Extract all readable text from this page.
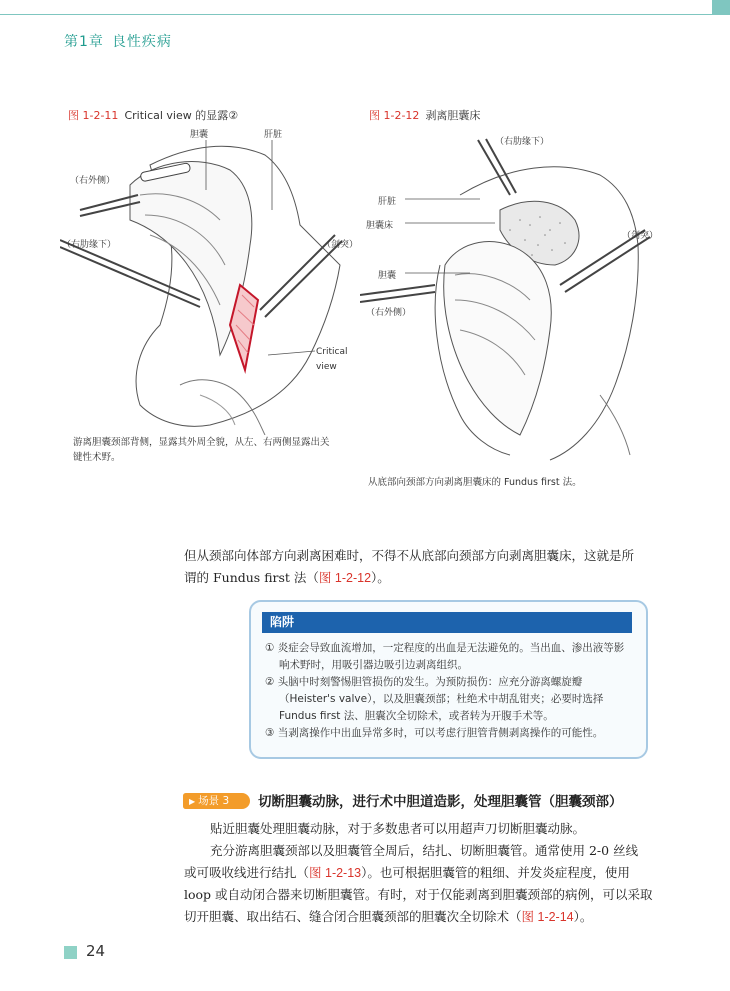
第1章 良性疾病
图 1-2-11 Critical view 的显露②
胆囊	肝脏
（右外侧）
（右肋缘下）	（剑突）
Critical
view
游离胆囊颈部背侧，显露其外周全貌，从左、右两侧显露出关
键性术野。
图 1-2-12 剥离胆囊床
（右肋缘下）
肝脏
胆囊床
（剑突）
胆囊
（右外侧）
从底部向颈部方向剥离胆囊床的 Fundus first 法。
但从颈部向体部方向剥离困难时，不得不从底部向颈部方向剥离胆囊床，这就是所
谓的 Fundus first 法（图 1-2-12）。
陷阱
① 炎症会导致血流增加，一定程度的出血是无法避免的。当出血、渗出液等影
响术野时，用吸引器边吸引边剥离组织。
② 头脑中时刻警惕胆管损伤的发生。为预防损伤：应充分游离螺旋瓣
（Heister's valve），以及胆囊颈部；杜绝术中胡乱钳夹；必要时选择
Fundus first 法、胆囊次全切除术，或者转为开腹手术等。
③ 当剥离操作中出血异常多时，可以考虑行胆管背侧剥离操作的可能性。
▶ 场景 3	切断胆囊动脉，进行术中胆道造影，处理胆囊管（胆囊颈部）
贴近胆囊处理胆囊动脉，对于多数患者可以用超声刀切断胆囊动脉。
充分游离胆囊颈部以及胆囊管全周后，结扎、切断胆囊管。通常使用 2-0 丝线
或可吸收线进行结扎（图 1-2-13）。也可根据胆囊管的粗细、并发炎症程度，使用
loop 或自动闭合器来切断胆囊管。有时，对于仅能剥离到胆囊颈部的病例，可以采取
切开胆囊、取出结石、缝合闭合胆囊颈部的胆囊次全切除术（图 1-2-14）。
24
